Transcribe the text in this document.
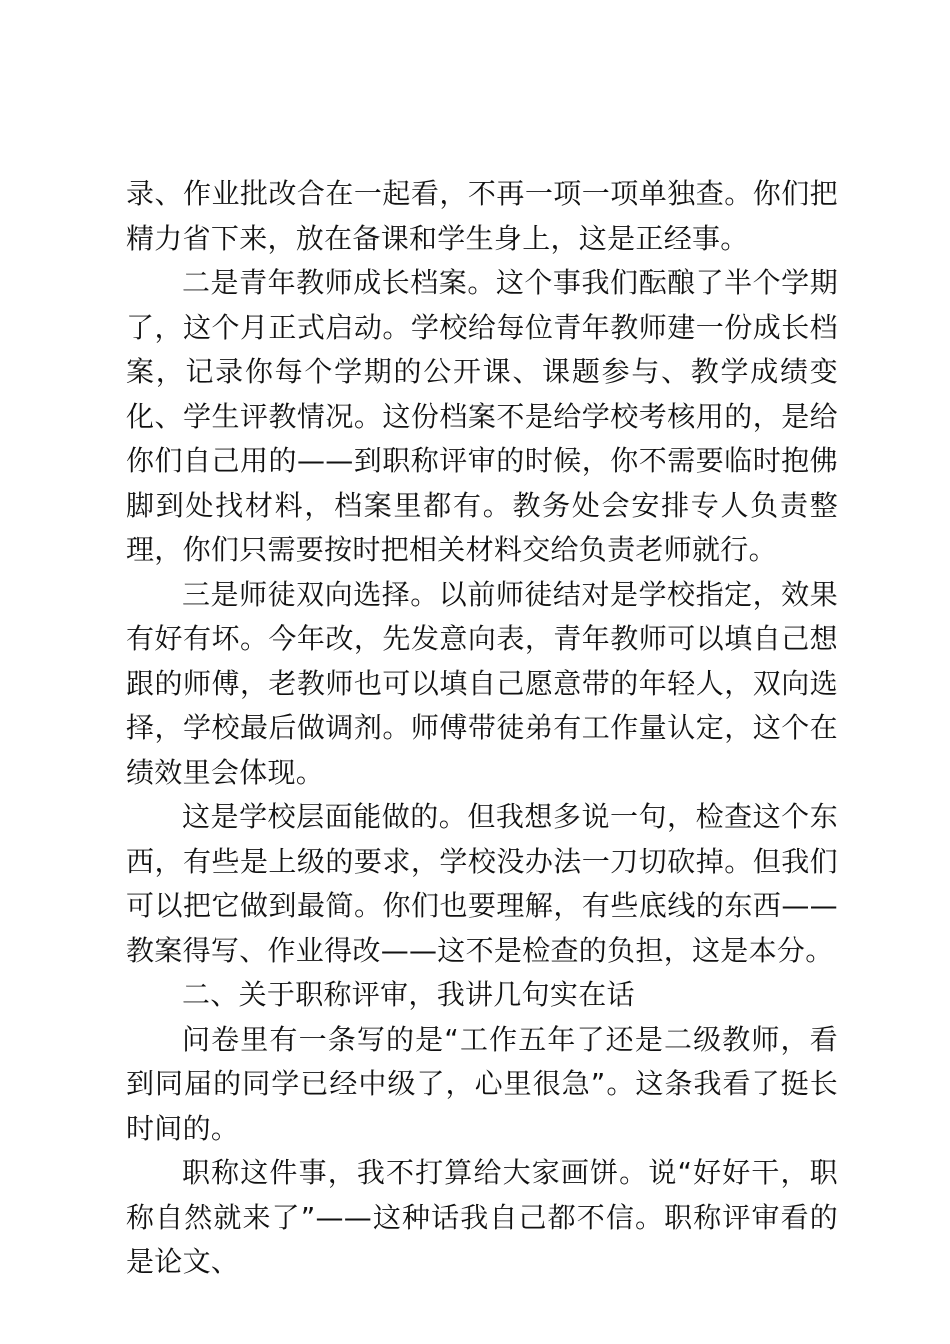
录、作业批改合在一起看，不再一项一项单独查。你们把精力省下来，放在备课和学生身上，这是正经事。

二是青年教师成长档案。这个事我们酝酿了半个学期了，这个月正式启动。学校给每位青年教师建一份成长档案，记录你每个学期的公开课、课题参与、教学成绩变化、学生评教情况。这份档案不是给学校考核用的，是给你们自己用的——到职称评审的时候，你不需要临时抱佛脚到处找材料，档案里都有。教务处会安排专人负责整理，你们只需要按时把相关材料交给负责老师就行。

三是师徒双向选择。以前师徒结对是学校指定，效果有好有坏。今年改，先发意向表，青年教师可以填自己想跟的师傅，老教师也可以填自己愿意带的年轻人，双向选择，学校最后做调剂。师傅带徒弟有工作量认定，这个在绩效里会体现。

这是学校层面能做的。但我想多说一句，检查这个东西，有些是上级的要求，学校没办法一刀切砍掉。但我们可以把它做到最简。你们也要理解，有些底线的东西——教案得写、作业得改——这不是检查的负担，这是本分。

二、关于职称评审，我讲几句实在话

问卷里有一条写的是“工作五年了还是二级教师，看到同届的同学已经中级了，心里很急”。这条我看了挺长时间的。

职称这件事，我不打算给大家画饼。说“好好干，职称自然就来了”——这种话我自己都不信。职称评审看的是论文、
